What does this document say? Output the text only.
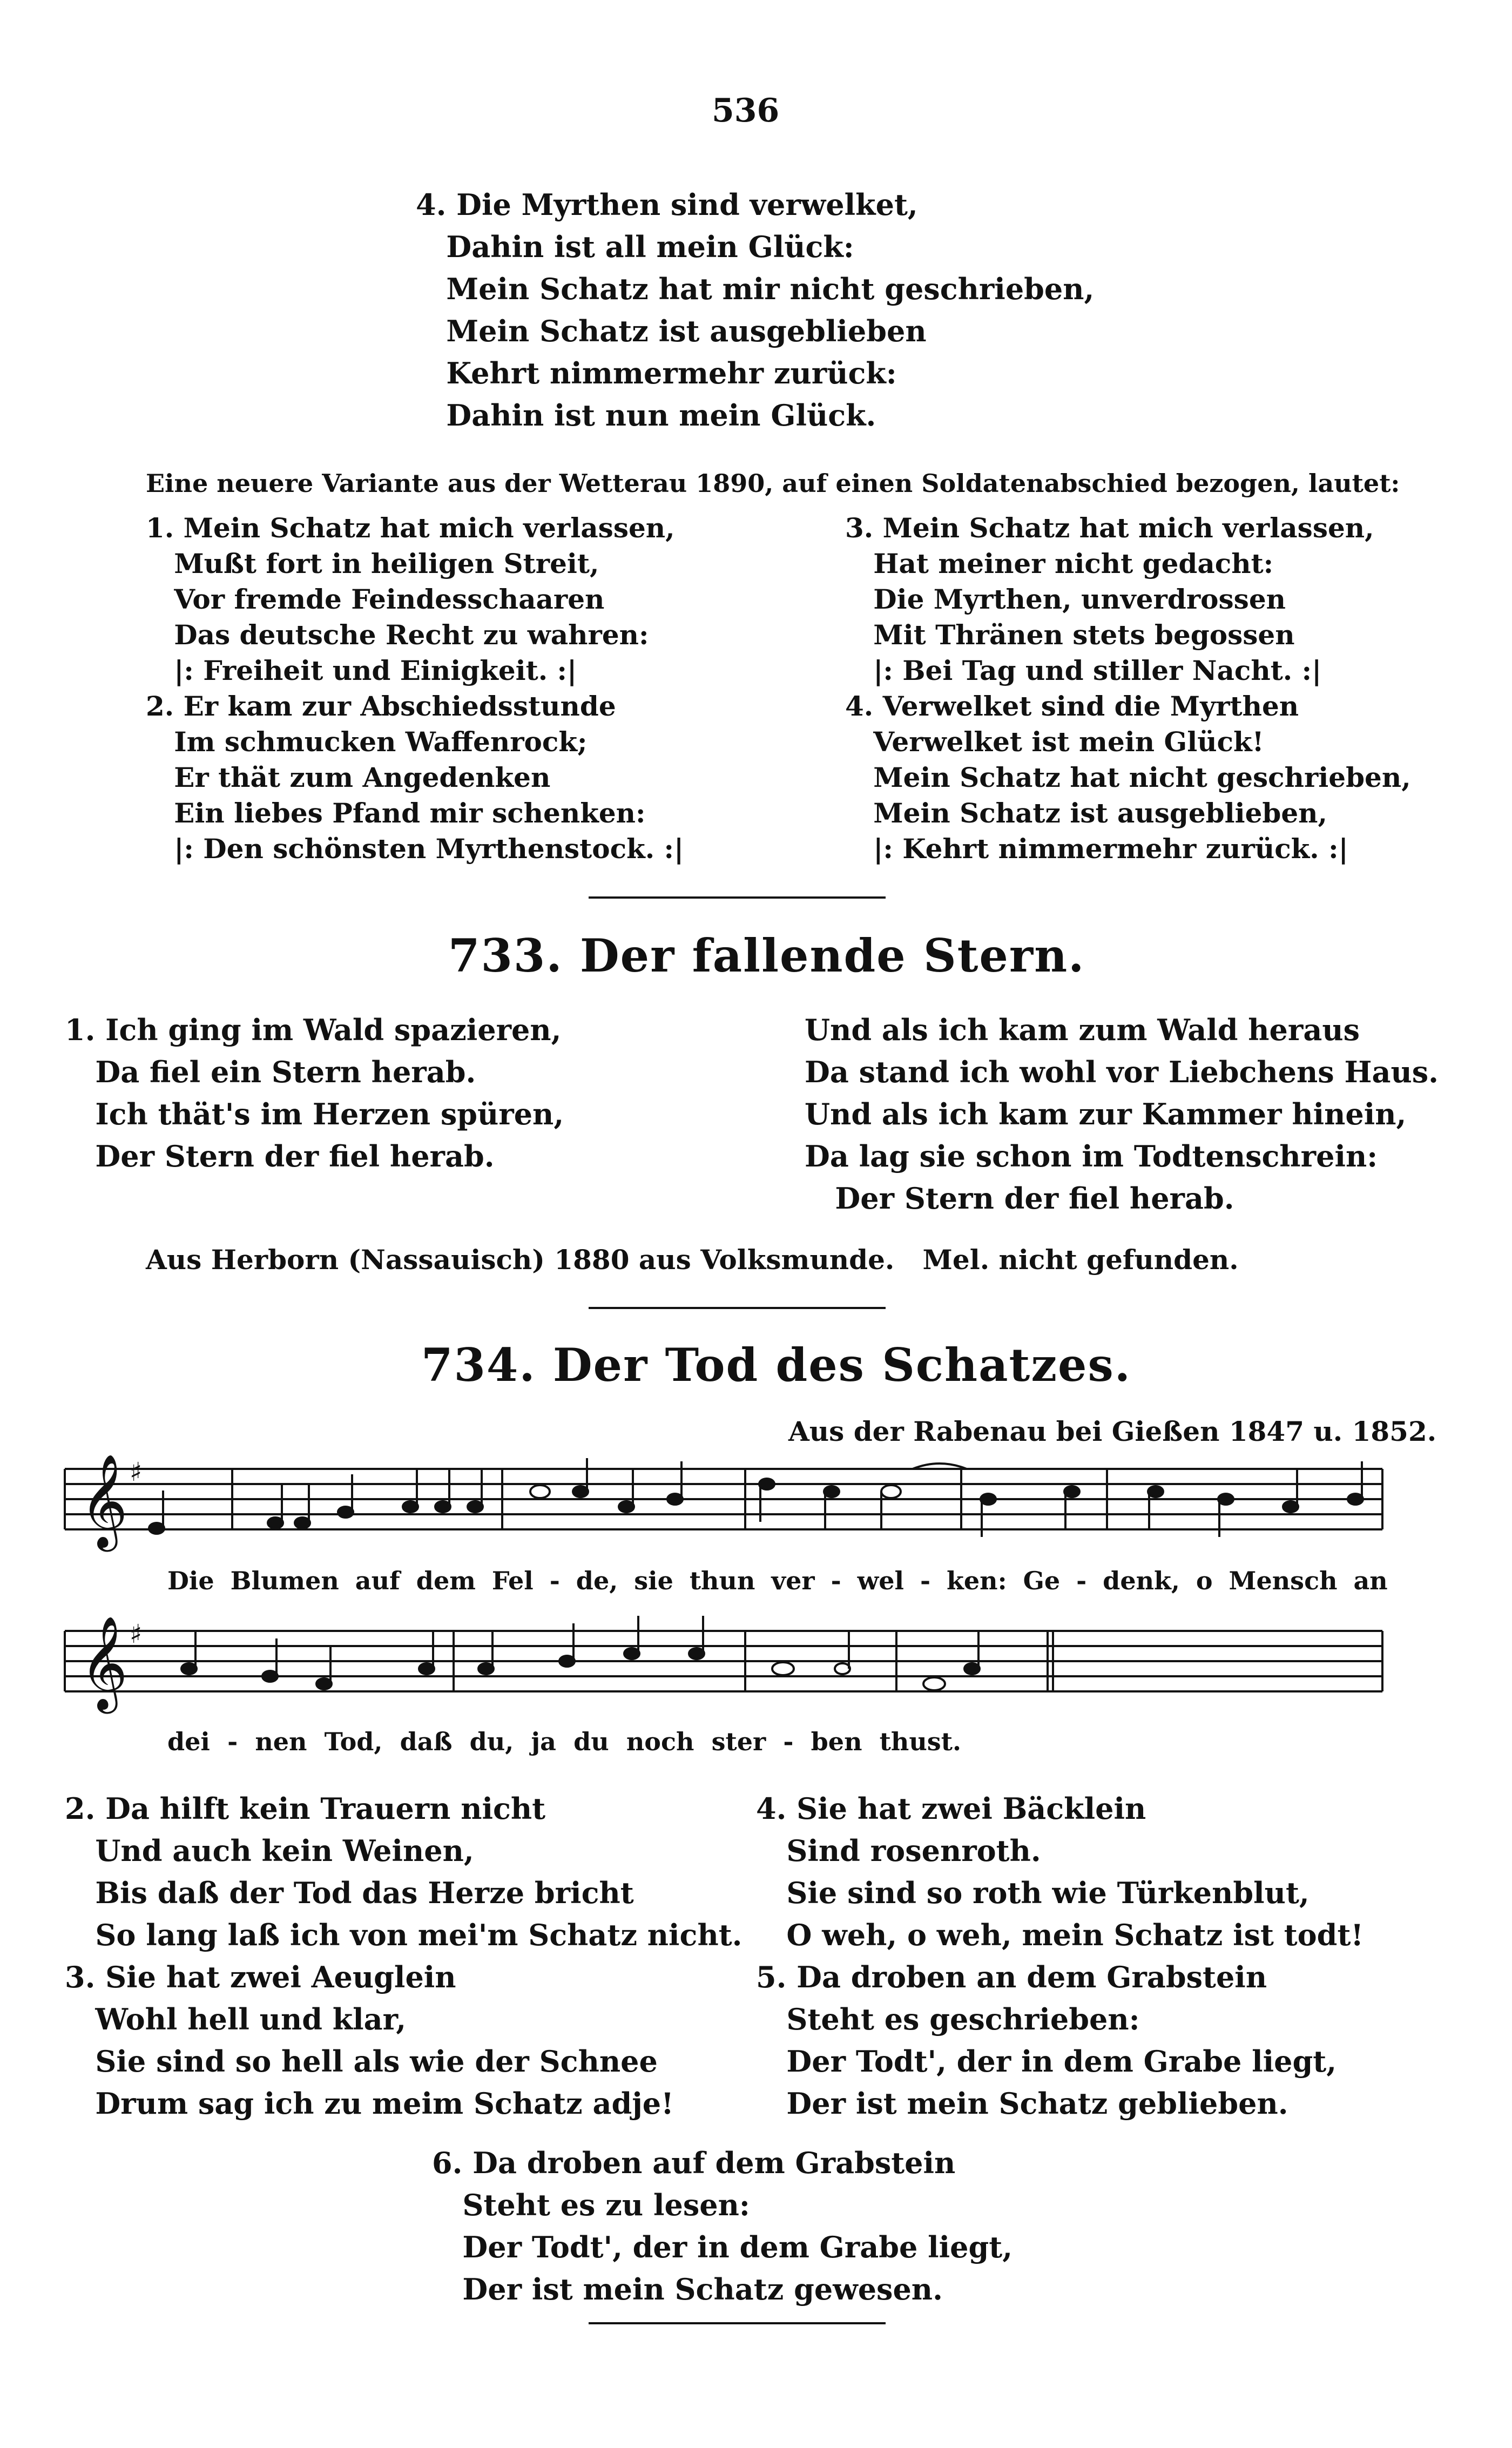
536
4. Die Myrthen sind verwelket,
Dahin ist all mein Glück:
Mein Schatz hat mir nicht geschrieben,
Mein Schatz ist ausgeblieben
Kehrt nimmermehr zurück:
Dahin ist nun mein Glück.
Eine neuere Variante aus der Wetterau 1890, auf einen Soldatenabschied bezogen, lautet:
1. Mein Schatz hat mich verlassen,
Mußt fort in heiligen Streit,
Vor fremde Feindesschaaren
Das deutsche Recht zu wahren:
|: Freiheit und Einigkeit. :|
2. Er kam zur Abschiedsstunde
Im schmucken Waffenrock;
Er thät zum Angedenken
Ein liebes Pfand mir schenken:
|: Den schönsten Myrthenstock. :|
3. Mein Schatz hat mich verlassen,
Hat meiner nicht gedacht:
Die Myrthen, unverdrossen
Mit Thränen stets begossen
|: Bei Tag und stiller Nacht. :|
4. Verwelket sind die Myrthen
Verwelket ist mein Glück!
Mein Schatz hat nicht geschrieben,
Mein Schatz ist ausgeblieben,
|: Kehrt nimmermehr zurück. :|
733. Der fallende Stern.
1. Ich ging im Wald spazieren,
Da fiel ein Stern herab.
Ich thät's im Herzen spüren,
Der Stern der fiel herab.
Und als ich kam zum Wald heraus
Da stand ich wohl vor Liebchens Haus.
Und als ich kam zur Kammer hinein,
Da lag sie schon im Todtenschrein:
Der Stern der fiel herab.
Aus Herborn (Nassauisch) 1880 aus Volksmunde.   Mel. nicht gefunden.
734. Der Tod des Schatzes.
Aus der Rabenau bei Gießen 1847 u. 1852.
𝄞
𝄞
♯
♯
Die Blumen auf dem Fel - de, sie thun ver - wel - ken: Ge - denk, o Mensch an
dei - nen Tod, daß du, ja du noch ster - ben thust.
2. Da hilft kein Trauern nicht
Und auch kein Weinen,
Bis daß der Tod das Herze bricht
So lang laß ich von mei'm Schatz nicht.
3. Sie hat zwei Aeuglein
Wohl hell und klar,
Sie sind so hell als wie der Schnee
Drum sag ich zu meim Schatz adje!
4. Sie hat zwei Bäcklein
Sind rosenroth.
Sie sind so roth wie Türkenblut,
O weh, o weh, mein Schatz ist todt!
5. Da droben an dem Grabstein
Steht es geschrieben:
Der Todt', der in dem Grabe liegt,
Der ist mein Schatz geblieben.
6. Da droben auf dem Grabstein
Steht es zu lesen:
Der Todt', der in dem Grabe liegt,
Der ist mein Schatz gewesen.
